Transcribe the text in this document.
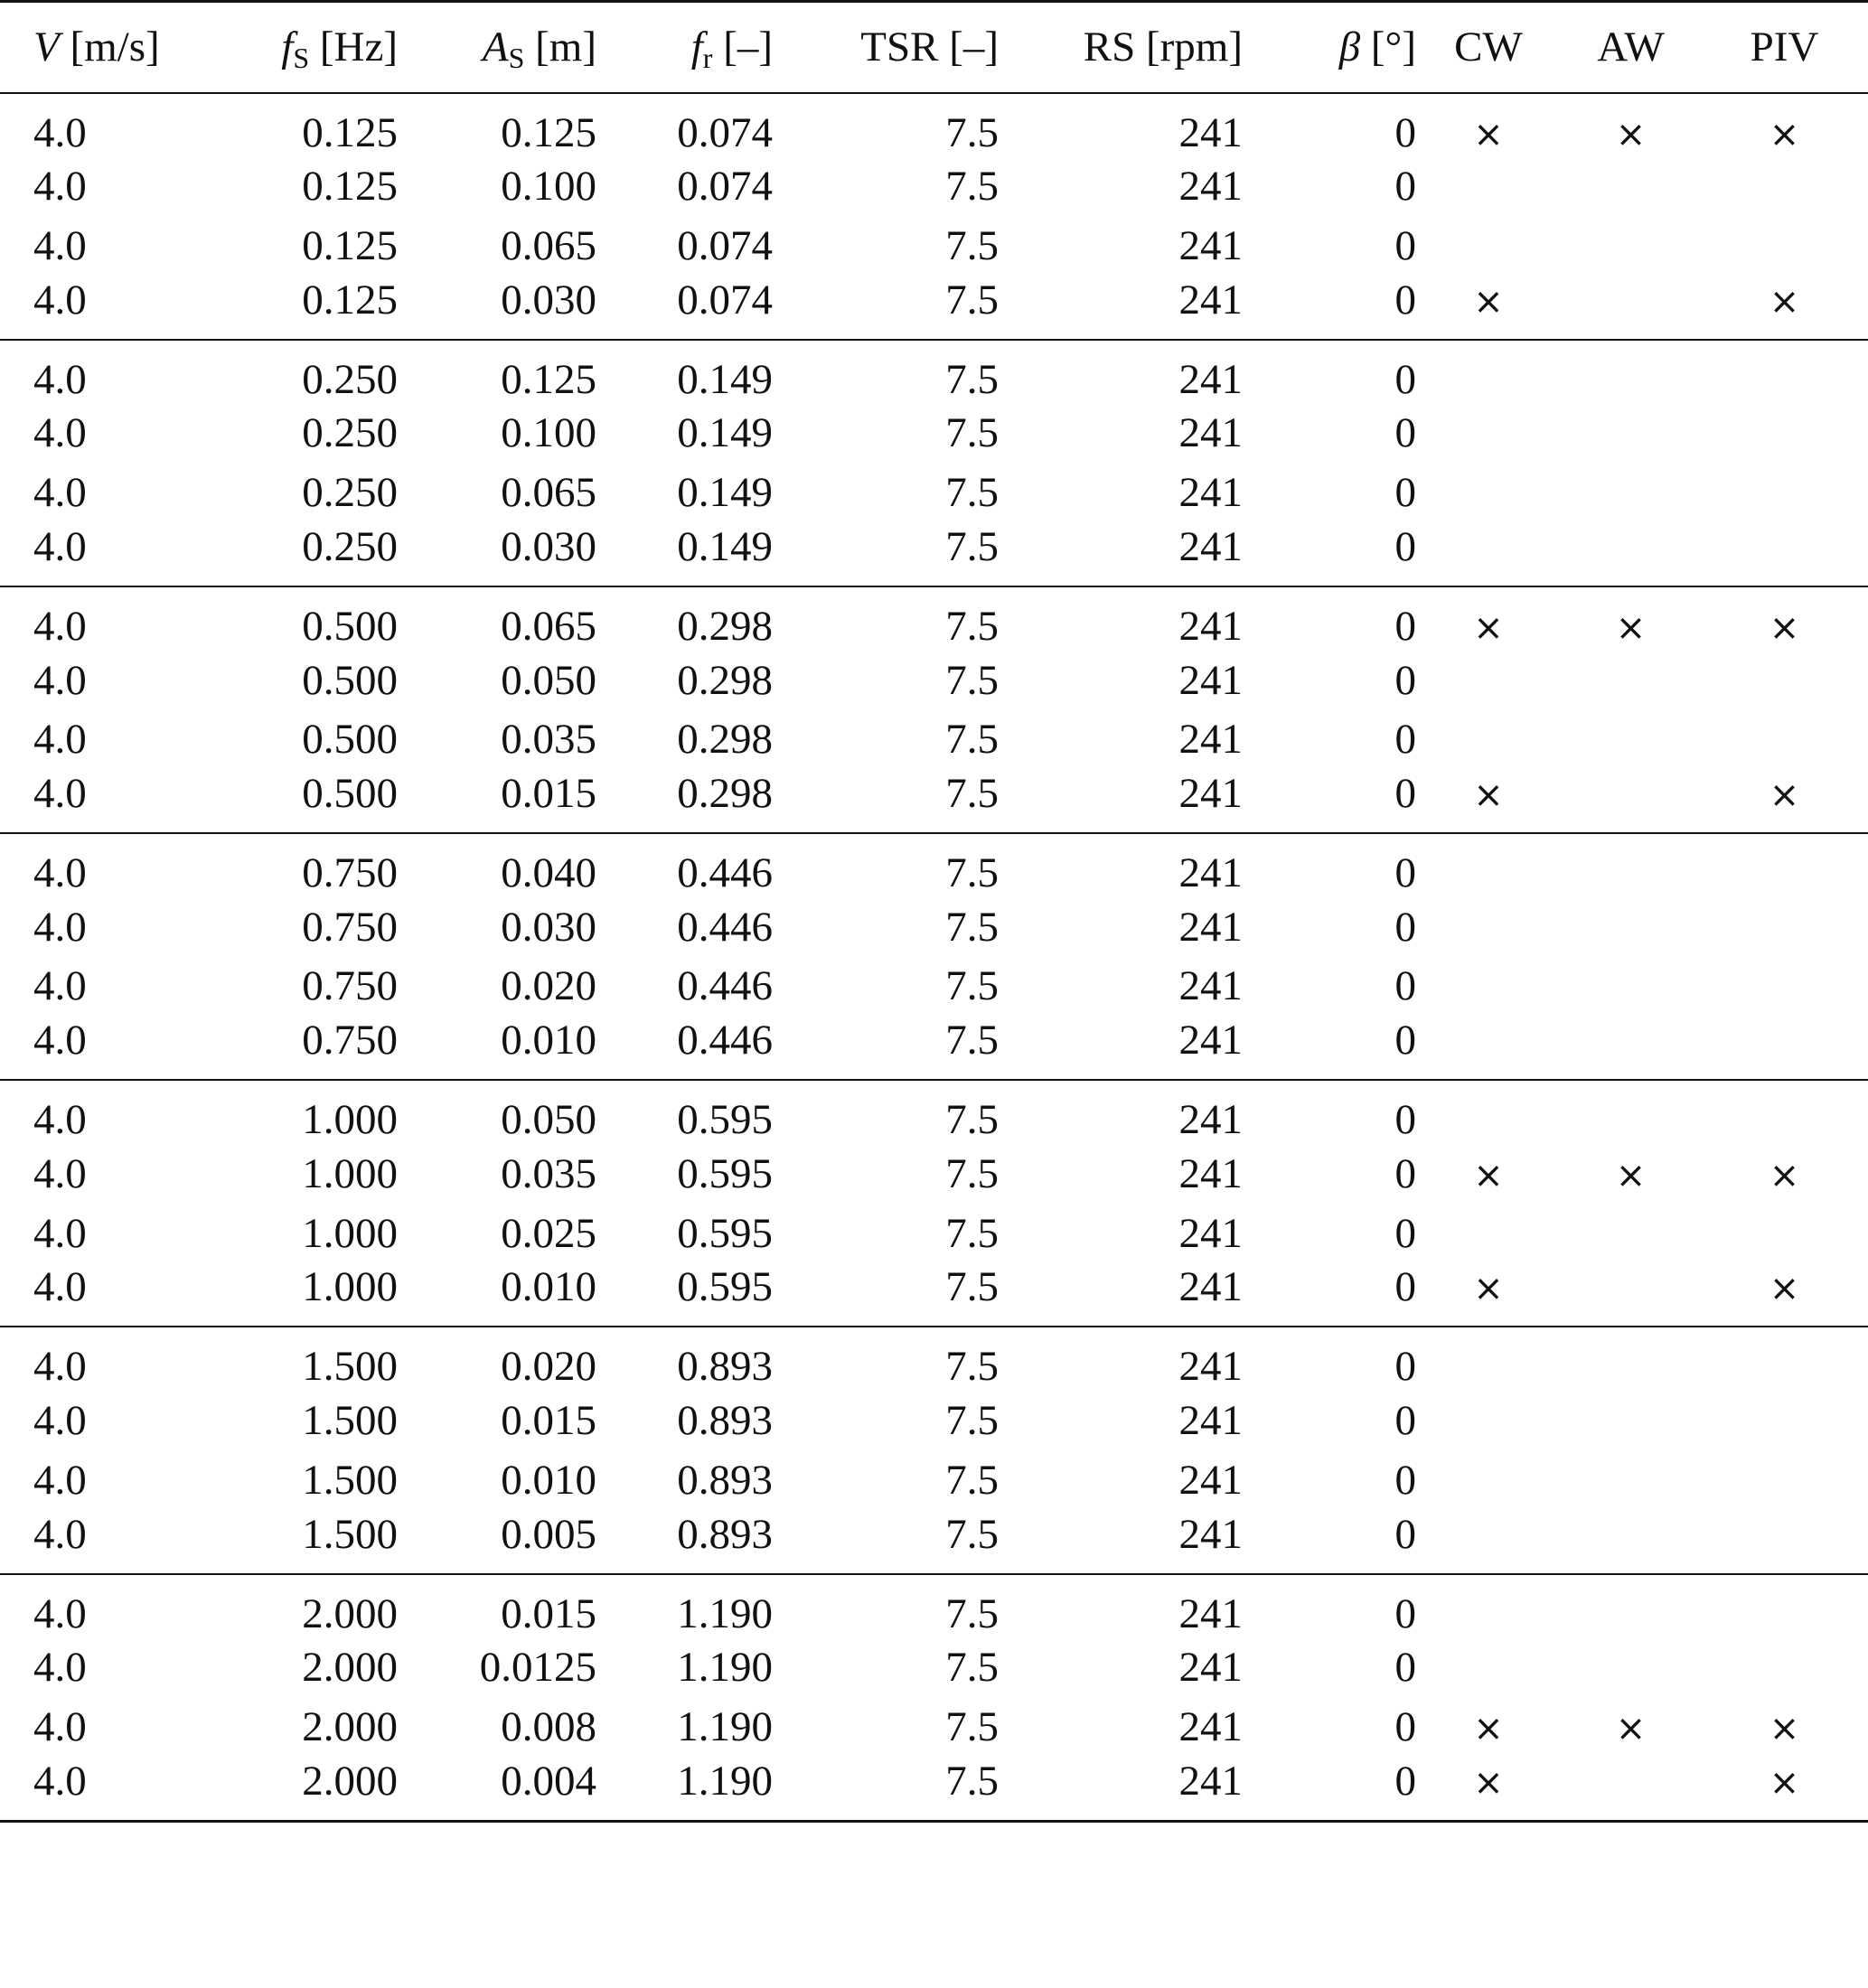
V [m/s]	$f_S$ [Hz]	$A_S$ [m]	$f_r$ [–]	TSR [–]	RS [rpm]	β [°]	CW	AW	PIV
4.0	0.125	0.125	0.074	7.5	241	0	×	×	×
4.0	0.125	0.100	0.074	7.5	241	0			
4.0	0.125	0.065	0.074	7.5	241	0			
4.0	0.125	0.030	0.074	7.5	241	0	×		×
4.0	0.250	0.125	0.149	7.5	241	0			
4.0	0.250	0.100	0.149	7.5	241	0			
4.0	0.250	0.065	0.149	7.5	241	0			
4.0	0.250	0.030	0.149	7.5	241	0			
4.0	0.500	0.065	0.298	7.5	241	0	×	×	×
4.0	0.500	0.050	0.298	7.5	241	0			
4.0	0.500	0.035	0.298	7.5	241	0			
4.0	0.500	0.015	0.298	7.5	241	0	×		×
4.0	0.750	0.040	0.446	7.5	241	0			
4.0	0.750	0.030	0.446	7.5	241	0			
4.0	0.750	0.020	0.446	7.5	241	0			
4.0	0.750	0.010	0.446	7.5	241	0			
4.0	1.000	0.050	0.595	7.5	241	0			
4.0	1.000	0.035	0.595	7.5	241	0	×	×	×
4.0	1.000	0.025	0.595	7.5	241	0			
4.0	1.000	0.010	0.595	7.5	241	0	×		×
4.0	1.500	0.020	0.893	7.5	241	0			
4.0	1.500	0.015	0.893	7.5	241	0			
4.0	1.500	0.010	0.893	7.5	241	0			
4.0	1.500	0.005	0.893	7.5	241	0			
4.0	2.000	0.015	1.190	7.5	241	0			
4.0	2.000	0.0125	1.190	7.5	241	0			
4.0	2.000	0.008	1.190	7.5	241	0	×	×	×
4.0	2.000	0.004	1.190	7.5	241	0	×		×
